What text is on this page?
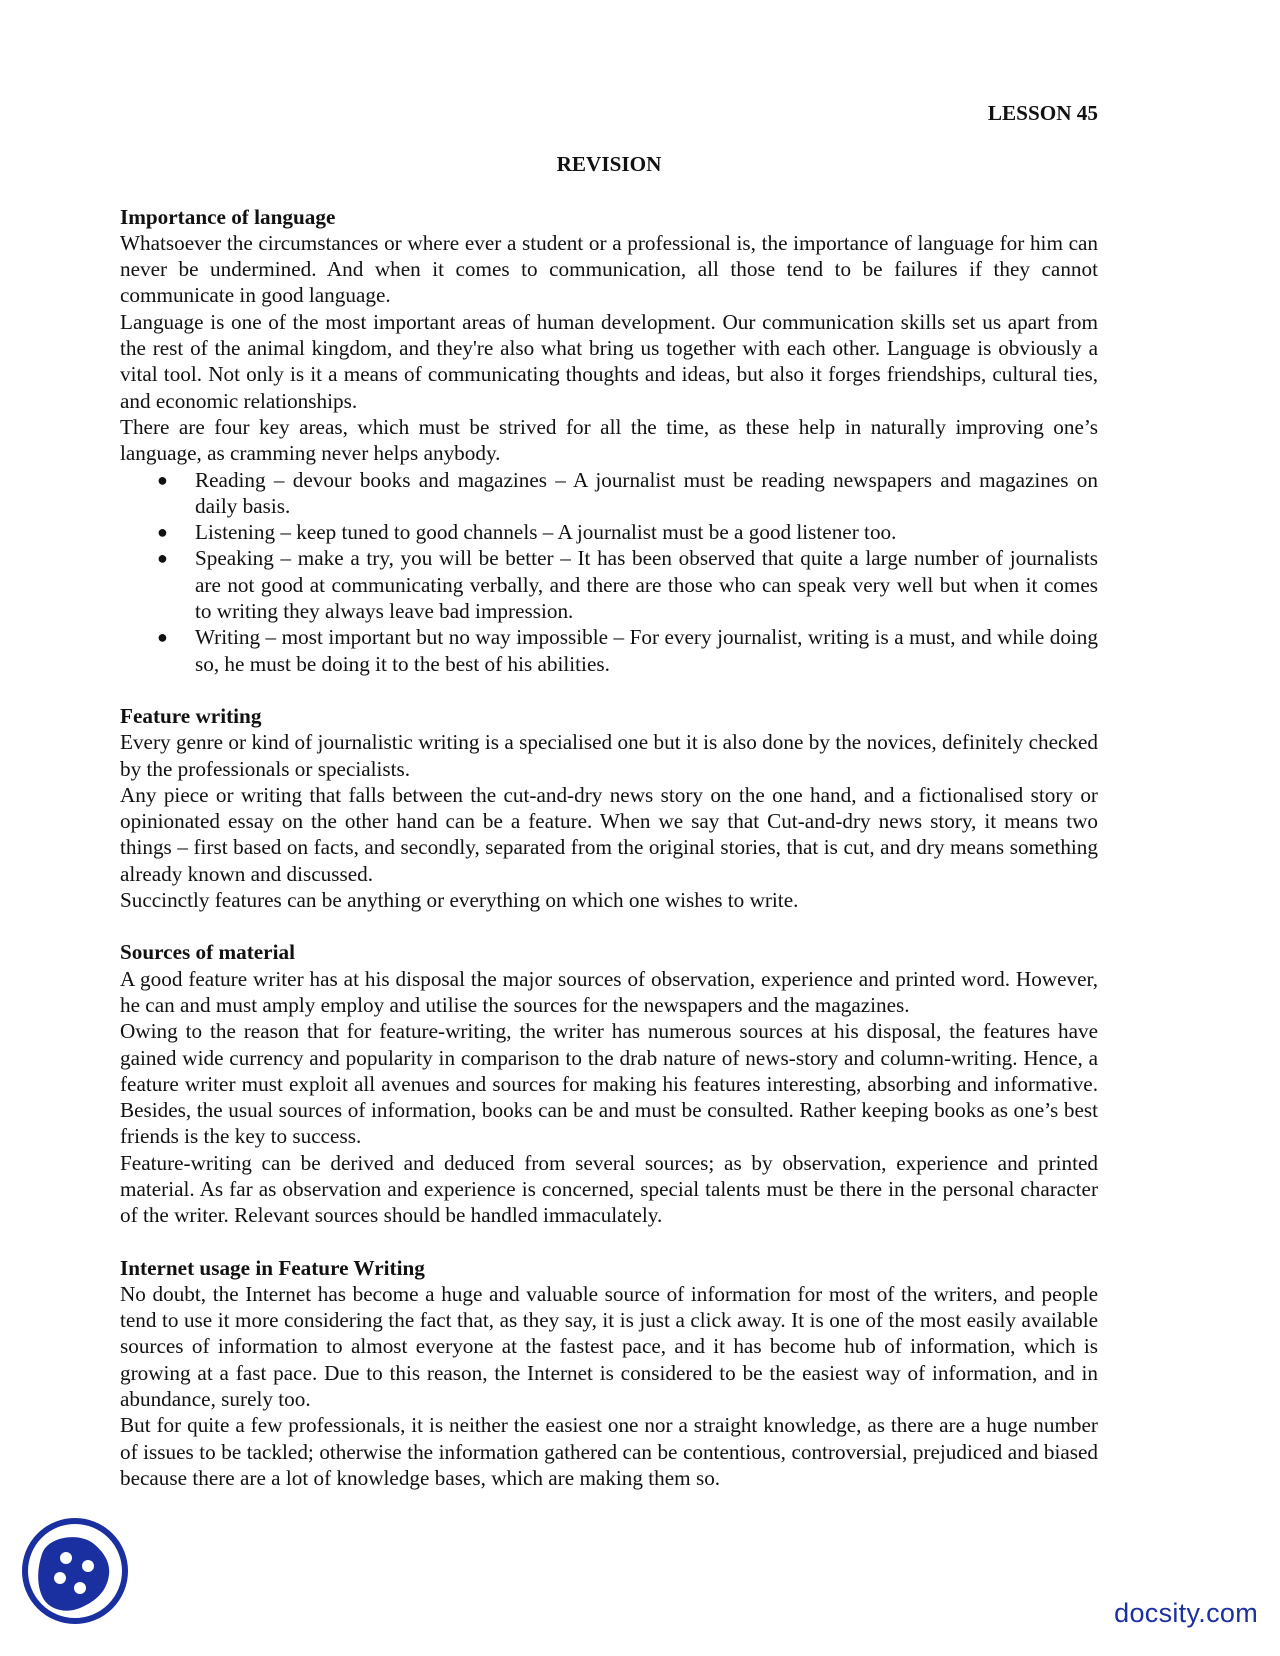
LESSON 45

REVISION

Importance of language

Whatsoever the circumstances or where ever a student or a professional is, the importance of language for him can never be undermined. And when it comes to communication, all those tend to be failures if they cannot communicate in good language.

Language is one of the most important areas of human development. Our communication skills set us apart from the rest of the animal kingdom, and they're also what bring us together with each other. Language is obviously a vital tool. Not only is it a means of communicating thoughts and ideas, but also it forges friendships, cultural ties, and economic relationships.

There are four key areas, which must be strived for all the time, as these help in naturally improving one’s language, as cramming never helps anybody.

● Reading – devour books and magazines – A journalist must be reading newspapers and magazines on daily basis.
● Listening – keep tuned to good channels – A journalist must be a good listener too.
● Speaking – make a try, you will be better – It has been observed that quite a large number of journalists are not good at communicating verbally, and there are those who can speak very well but when it comes to writing they always leave bad impression.
● Writing – most important but no way impossible – For every journalist, writing is a must, and while doing so, he must be doing it to the best of his abilities.

Feature writing

Every genre or kind of journalistic writing is a specialised one but it is also done by the novices, definitely checked by the professionals or specialists.

Any piece or writing that falls between the cut-and-dry news story on the one hand, and a fictionalised story or opinionated essay on the other hand can be a feature. When we say that Cut-and-dry news story, it means two things – first based on facts, and secondly, separated from the original stories, that is cut, and dry means something already known and discussed.

Succinctly features can be anything or everything on which one wishes to write.

Sources of material

A good feature writer has at his disposal the major sources of observation, experience and printed word. However, he can and must amply employ and utilise the sources for the newspapers and the magazines.

Owing to the reason that for feature-writing, the writer has numerous sources at his disposal, the features have gained wide currency and popularity in comparison to the drab nature of news-story and column-writing. Hence, a feature writer must exploit all avenues and sources for making his features interesting, absorbing and informative. Besides, the usual sources of information, books can be and must be consulted. Rather keeping books as one’s best friends is the key to success.

Feature-writing can be derived and deduced from several sources; as by observation, experience and printed material. As far as observation and experience is concerned, special talents must be there in the personal character of the writer. Relevant sources should be handled immaculately.

Internet usage in Feature Writing

No doubt, the Internet has become a huge and valuable source of information for most of the writers, and people tend to use it more considering the fact that, as they say, it is just a click away. It is one of the most easily available sources of information to almost everyone at the fastest pace, and it has become hub of information, which is growing at a fast pace. Due to this reason, the Internet is considered to be the easiest way of information, and in abundance, surely too.

But for quite a few professionals, it is neither the easiest one nor a straight knowledge, as there are a huge number of issues to be tackled; otherwise the information gathered can be contentious, controversial, prejudiced and biased because there are a lot of knowledge bases, which are making them so.

docsity.com
